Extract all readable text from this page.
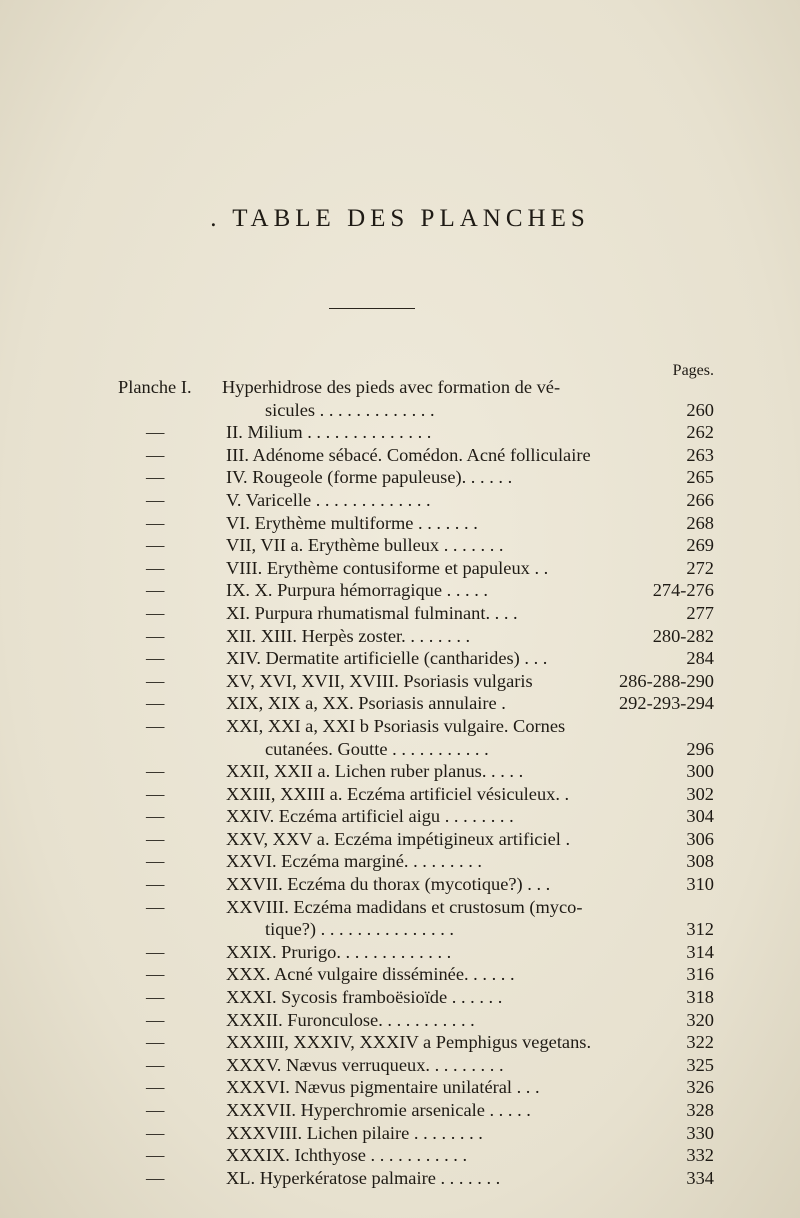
. TABLE DES PLANCHES
Pages.
Planche I.	Hyperhidrose des pieds avec formation de vé-
sicules . . . . . . . . . . . . .	260
—	II. Milium . . . . . . . . . . . . . .	262
—	III. Adénome sébacé. Comédon. Acné folliculaire	263
—	IV. Rougeole (forme papuleuse). . . . . .	265
—	V. Varicelle . . . . . . . . . . . . .	266
—	VI. Erythème multiforme . . . . . . .	268
—	VII, VII a. Erythème bulleux . . . . . . .	269
—	VIII. Erythème contusiforme et papuleux . .	272
—	IX. X. Purpura hémorragique . . . . .	274-276
—	XI. Purpura rhumatismal fulminant. . . .	277
—	XII. XIII. Herpès zoster. . . . . . . .	280-282
—	XIV. Dermatite artificielle (cantharides) . . .	284
—	XV, XVI, XVII, XVIII. Psoriasis vulgaris	286-288-290
—	XIX, XIX a, XX. Psoriasis annulaire .	292-293-294
—	XXI, XXI a, XXI b Psoriasis vulgaire. Cornes
cutanées. Goutte . . . . . . . . . . .	296
—	XXII, XXII a. Lichen ruber planus. . . . .	300
—	XXIII, XXIII a. Eczéma artificiel vésiculeux. .	302
—	XXIV. Eczéma artificiel aigu . . . . . . . .	304
—	XXV, XXV a. Eczéma impétigineux artificiel .	306
—	XXVI. Eczéma marginé. . . . . . . . .	308
—	XXVII. Eczéma du thorax (mycotique?) . . .	310
—	XXVIII. Eczéma madidans et crustosum (myco-
tique?) . . . . . . . . . . . . . . .	312
—	XXIX. Prurigo. . . . . . . . . . . . .	314
—	XXX. Acné vulgaire disséminée. . . . . .	316
—	XXXI. Sycosis framboësioïde . . . . . .	318
—	XXXII. Furonculose. . . . . . . . . . .	320
—	XXXIII, XXXIV, XXXIV a Pemphigus vegetans.	322
—	XXXV. Nævus verruqueux. . . . . . . . .	325
—	XXXVI. Nævus pigmentaire unilatéral . . .	326
—	XXXVII. Hyperchromie arsenicale . . . . .	328
—	XXXVIII. Lichen pilaire . . . . . . . .	330
—	XXXIX. Ichthyose . . . . . . . . . . .	332
—	XL. Hyperkératose palmaire . . . . . . .	334
